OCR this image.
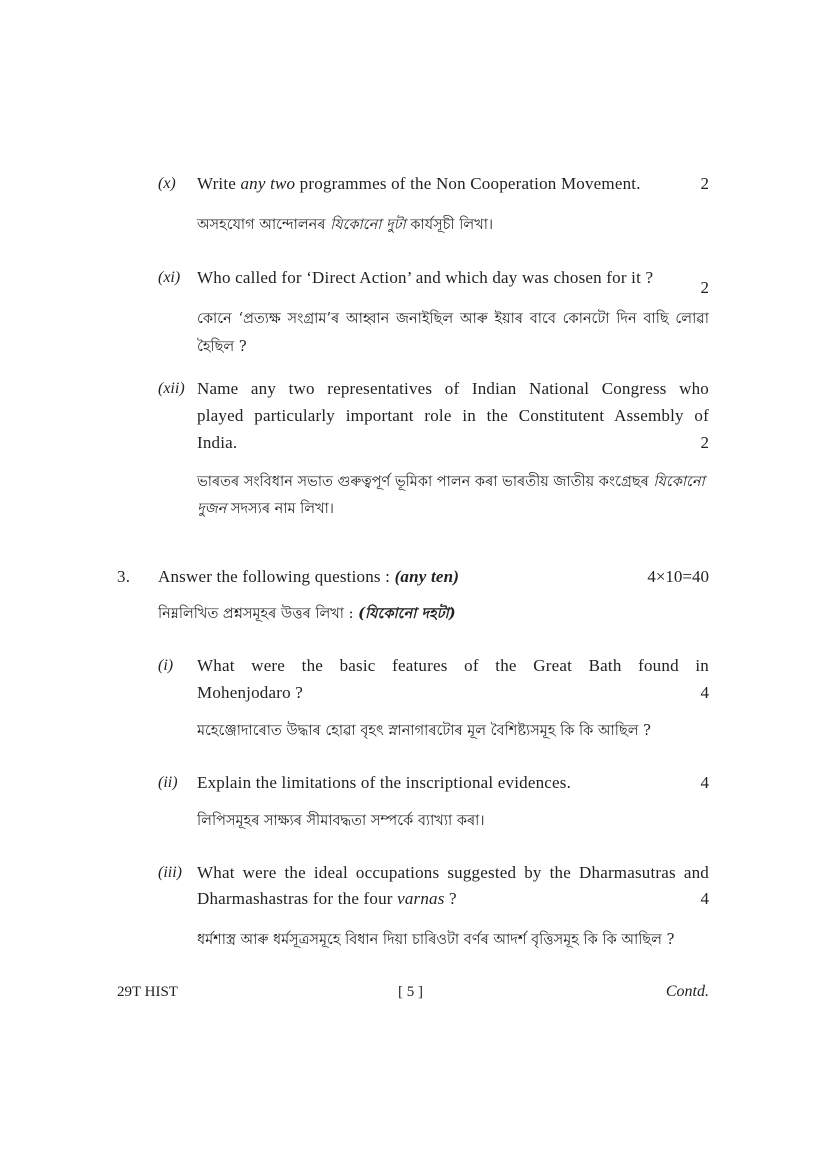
(x) Write any two programmes of the Non Cooperation Movement.	2
অসহযোগ আন্দোলনৰ যিকোনো দুটা কাৰ্যসূচী লিখা।
(xi) Who called for ‘Direct Action’ and which day was chosen for it ?
2
কোনে ‘প্ৰত্যক্ষ সংগ্ৰাম’ৰ আহ্বান জনাইছিল আৰু ইয়াৰ বাবে কোনটো দিন বাছি লোৱা
হৈছিল ?
(xii) Name any two representatives of Indian National Congress who
played particularly important role in the Constitutent Assembly of
India.	2
ভাৰতৰ সংবিধান সভাত গুৰুত্বপূৰ্ণ ভূমিকা পালন কৰা ভাৰতীয় জাতীয় কংগ্ৰেছৰ যিকোনো
দুজন সদস্যৰ নাম লিখা।
3. Answer the following questions : (any ten)	4×10=40
নিম্নলিখিত প্ৰশ্নসমূহৰ উত্তৰ লিখা : (যিকোনো দহটা)
(i) What were the basic features of the Great Bath found in
Mohenjodaro ?	4
মহেঞ্জোদাৰোত উদ্ধাৰ হোৱা বৃহৎ স্নানাগাৰটোৰ মূল বৈশিষ্ট্যসমূহ কি কি আছিল ?
(ii) Explain the limitations of the inscriptional evidences.	4
লিপিসমূহৰ সাক্ষ্যৰ সীমাবদ্ধতা সম্পৰ্কে ব্যাখ্যা কৰা।
(iii) What were the ideal occupations suggested by the Dharmasutras and
Dharmashastras for the four varnas ?	4
ধৰ্মশাস্ত্ৰ আৰু ধৰ্মসূত্ৰসমূহে বিধান দিয়া চাৰিওটা বৰ্ণৰ আদৰ্শ বৃত্তিসমূহ কি কি আছিল ?
29T HIST	[ 5 ]	Contd.
